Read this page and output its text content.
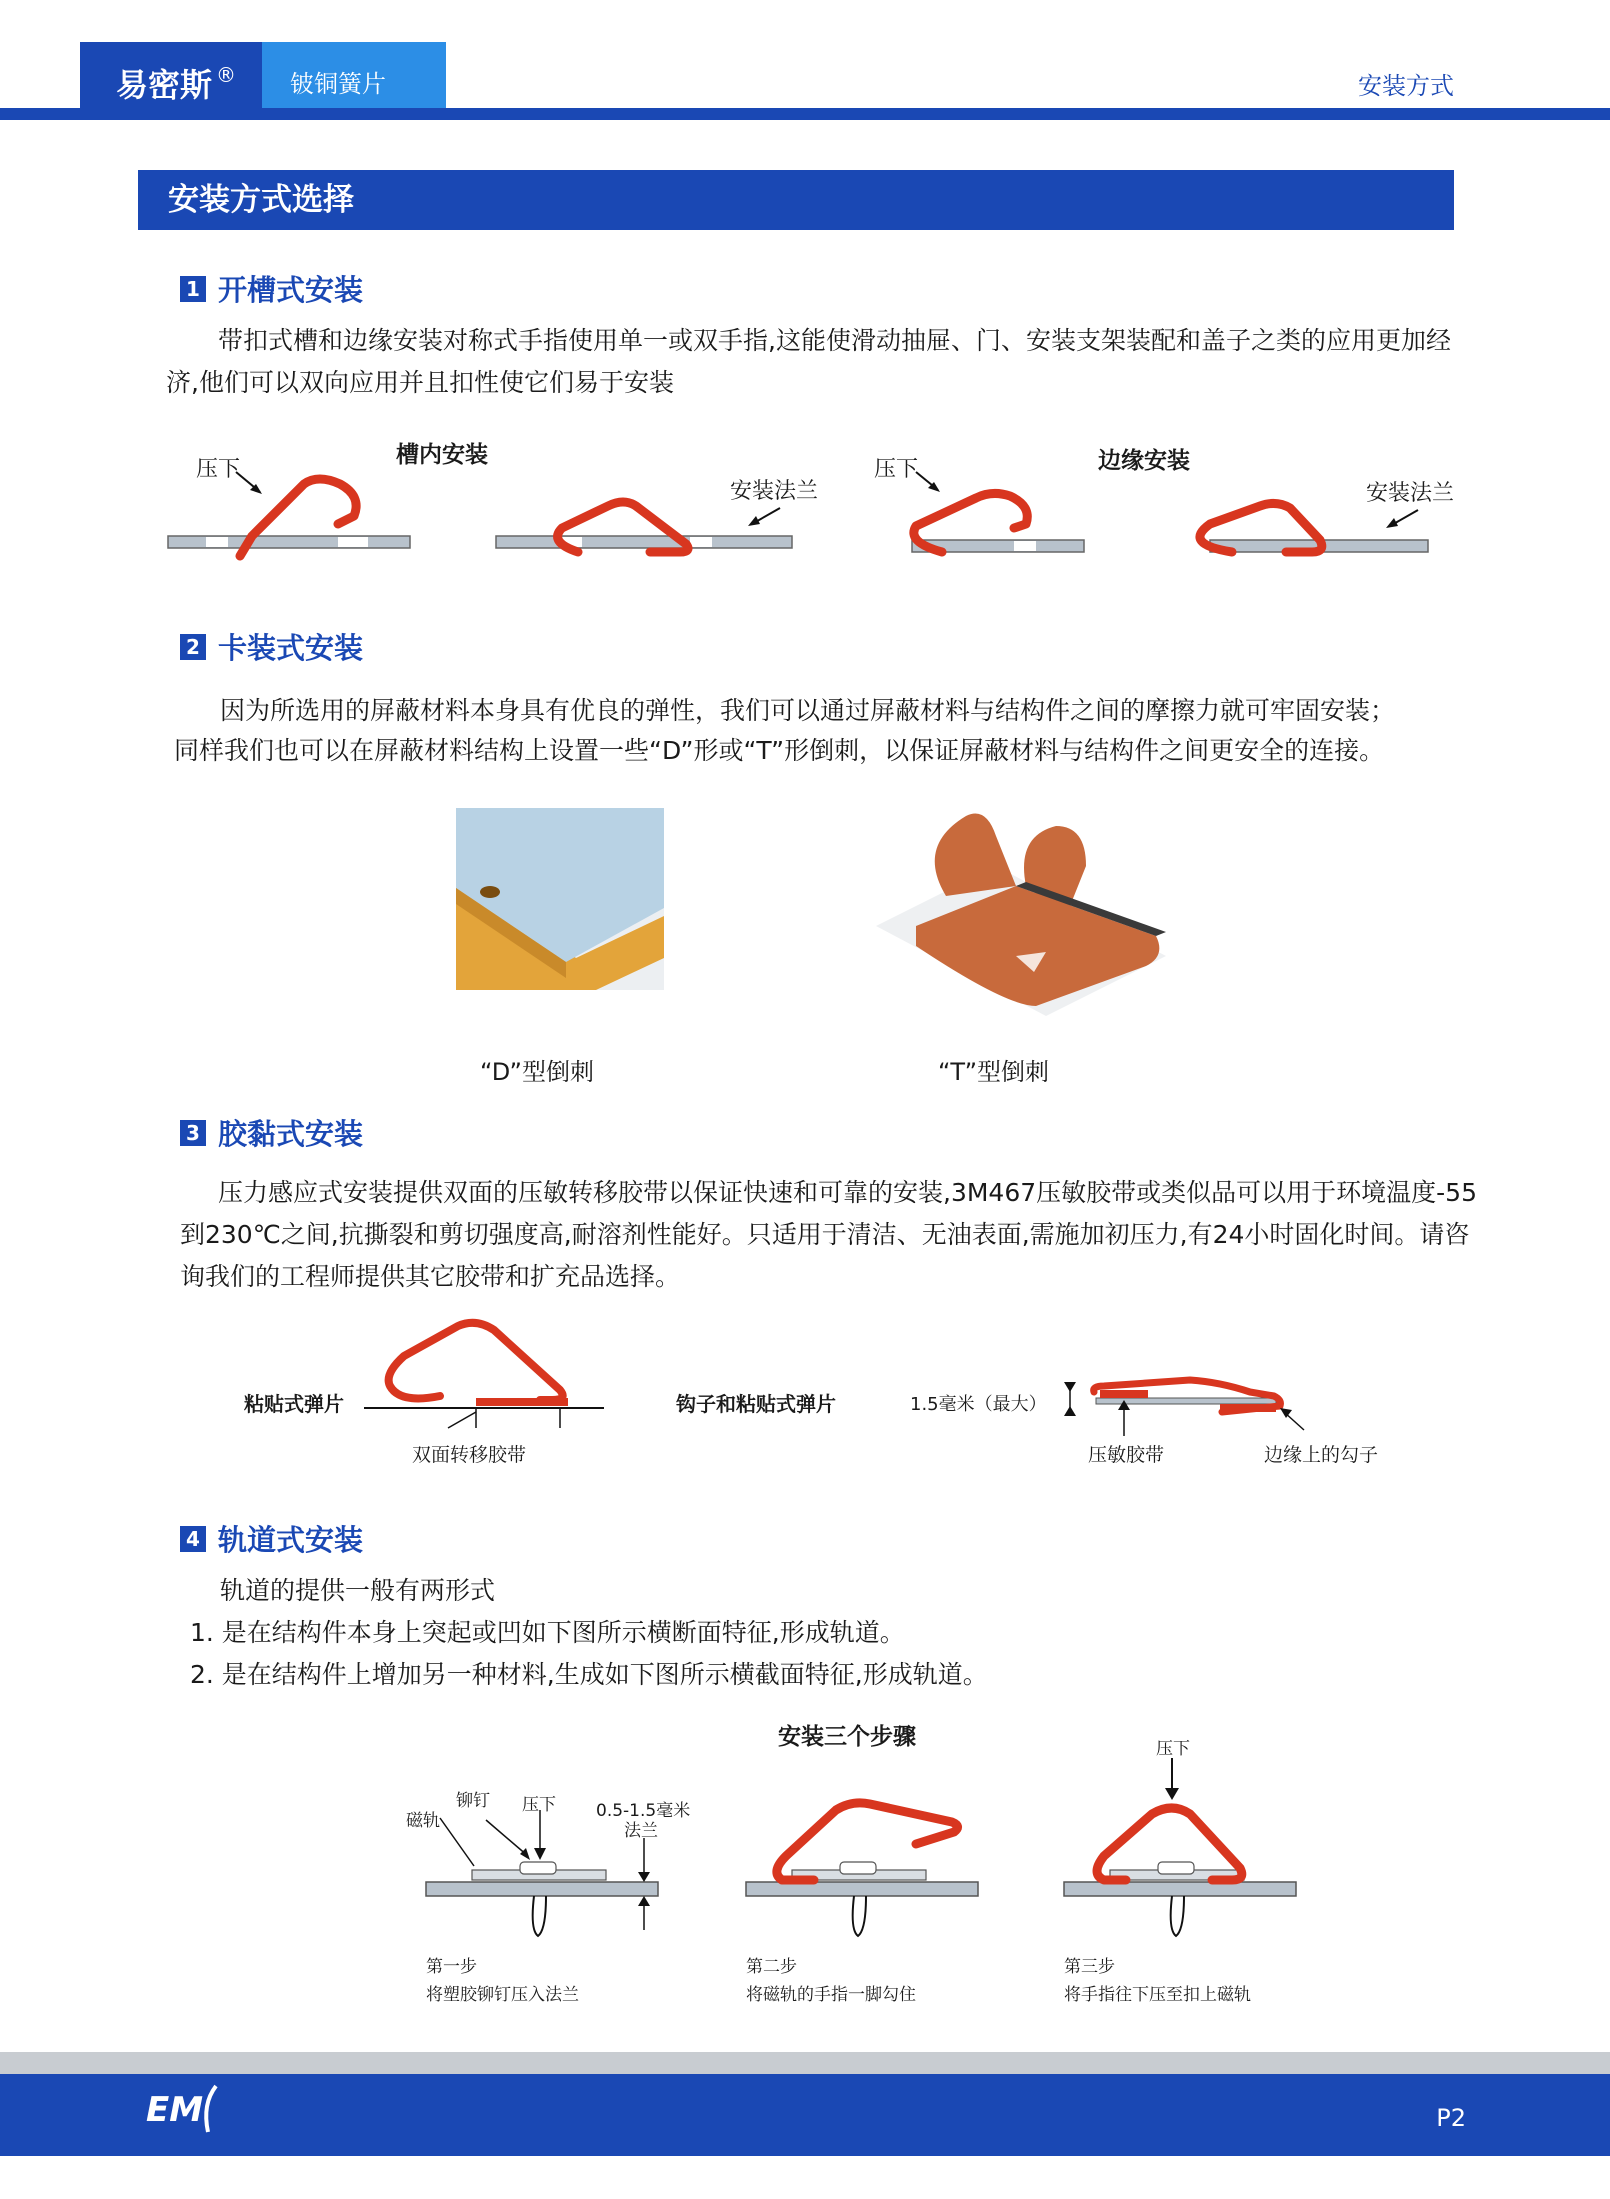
易密斯 ®	铍铜簧片	安装方式
安装方式选择
1 开槽式安装
带扣式槽和边缘安装对称式手指使用单一或双手指,这能使滑动抽屉、门、安装支架装配和盖子之类的应用更加经济,他们可以双向应用并且扣性使它们易于安装
压下
槽内安装
安装法兰
压下	边缘安装
安装法兰
2 卡装式安装
因为所选用的屏蔽材料本身具有优良的弹性，我们可以通过屏蔽材料与结构件之间的摩擦力就可牢固安装；
同样我们也可以在屏蔽材料结构上设置一些“D”形或“T”形倒刺，以保证屏蔽材料与结构件之间更安全的连接。
“D”型倒刺	“T”型倒刺
3 胶黏式安装
压力感应式安装提供双面的压敏转移胶带以保证快速和可靠的安装,3M467压敏胶带或类似品可以用于环境温度-55到230℃之间,抗撕裂和剪切强度高,耐溶剂性能好。只适用于清洁、无油表面,需施加初压力,有24小时固化时间。请咨询我们的工程师提供其它胶带和扩充品选择。
粘贴式弹片
双面转移胶带
钩子和粘贴式弹片	1.5毫米（最大）
压敏胶带	边缘上的勾子
4 轨道式安装
轨道的提供一般有两形式
1. 是在结构件本身上突起或凹如下图所示横断面特征,形成轨道。
2. 是在结构件上增加另一种材料,生成如下图所示横截面特征,形成轨道。
安装三个步骤
磁轨
铆钉 压下 0.5-1.5毫米
法兰
压下
第一步
将塑胶铆钉压入法兰
第二步
将磁轨的手指一脚勾住
第三步
将手指往下压至扣上磁轨
EM	P2
